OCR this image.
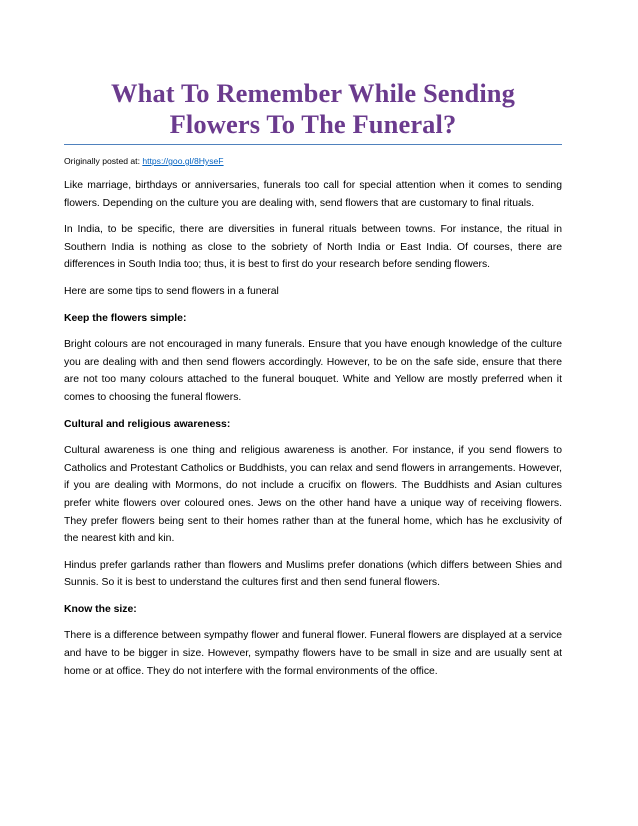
What To Remember While Sending
Flowers To The Funeral?
Originally posted at: https://goo.gl/8HyseF

Like marriage, birthdays or anniversaries, funerals too call for special attention when it comes to sending flowers. Depending on the culture you are dealing with, send flowers that are customary to final rituals.

In India, to be specific, there are diversities in funeral rituals between towns. For instance, the ritual in Southern India is nothing as close to the sobriety of North India or East India. Of courses, there are differences in South India too; thus, it is best to first do your research before sending flowers.

Here are some tips to send flowers in a funeral

Keep the flowers simple:

Bright colours are not encouraged in many funerals. Ensure that you have enough knowledge of the culture you are dealing with and then send flowers accordingly. However, to be on the safe side, ensure that there are not too many colours attached to the funeral bouquet. White and Yellow are mostly preferred when it comes to choosing the funeral flowers.

Cultural and religious awareness:

Cultural awareness is one thing and religious awareness is another. For instance, if you send flowers to Catholics and Protestant Catholics or Buddhists, you can relax and send flowers in arrangements. However, if you are dealing with Mormons, do not include a crucifix on flowers. The Buddhists and Asian cultures prefer white flowers over coloured ones. Jews on the other hand have a unique way of receiving flowers. They prefer flowers being sent to their homes rather than at the funeral home, which has he exclusivity of the nearest kith and kin.

Hindus prefer garlands rather than flowers and Muslims prefer donations (which differs between Shies and Sunnis. So it is best to understand the cultures first and then send funeral flowers.

Know the size:

There is a difference between sympathy flower and funeral flower. Funeral flowers are displayed at a service and have to be bigger in size. However, sympathy flowers have to be small in size and are usually sent at home or at office. They do not interfere with the formal environments of the office.
